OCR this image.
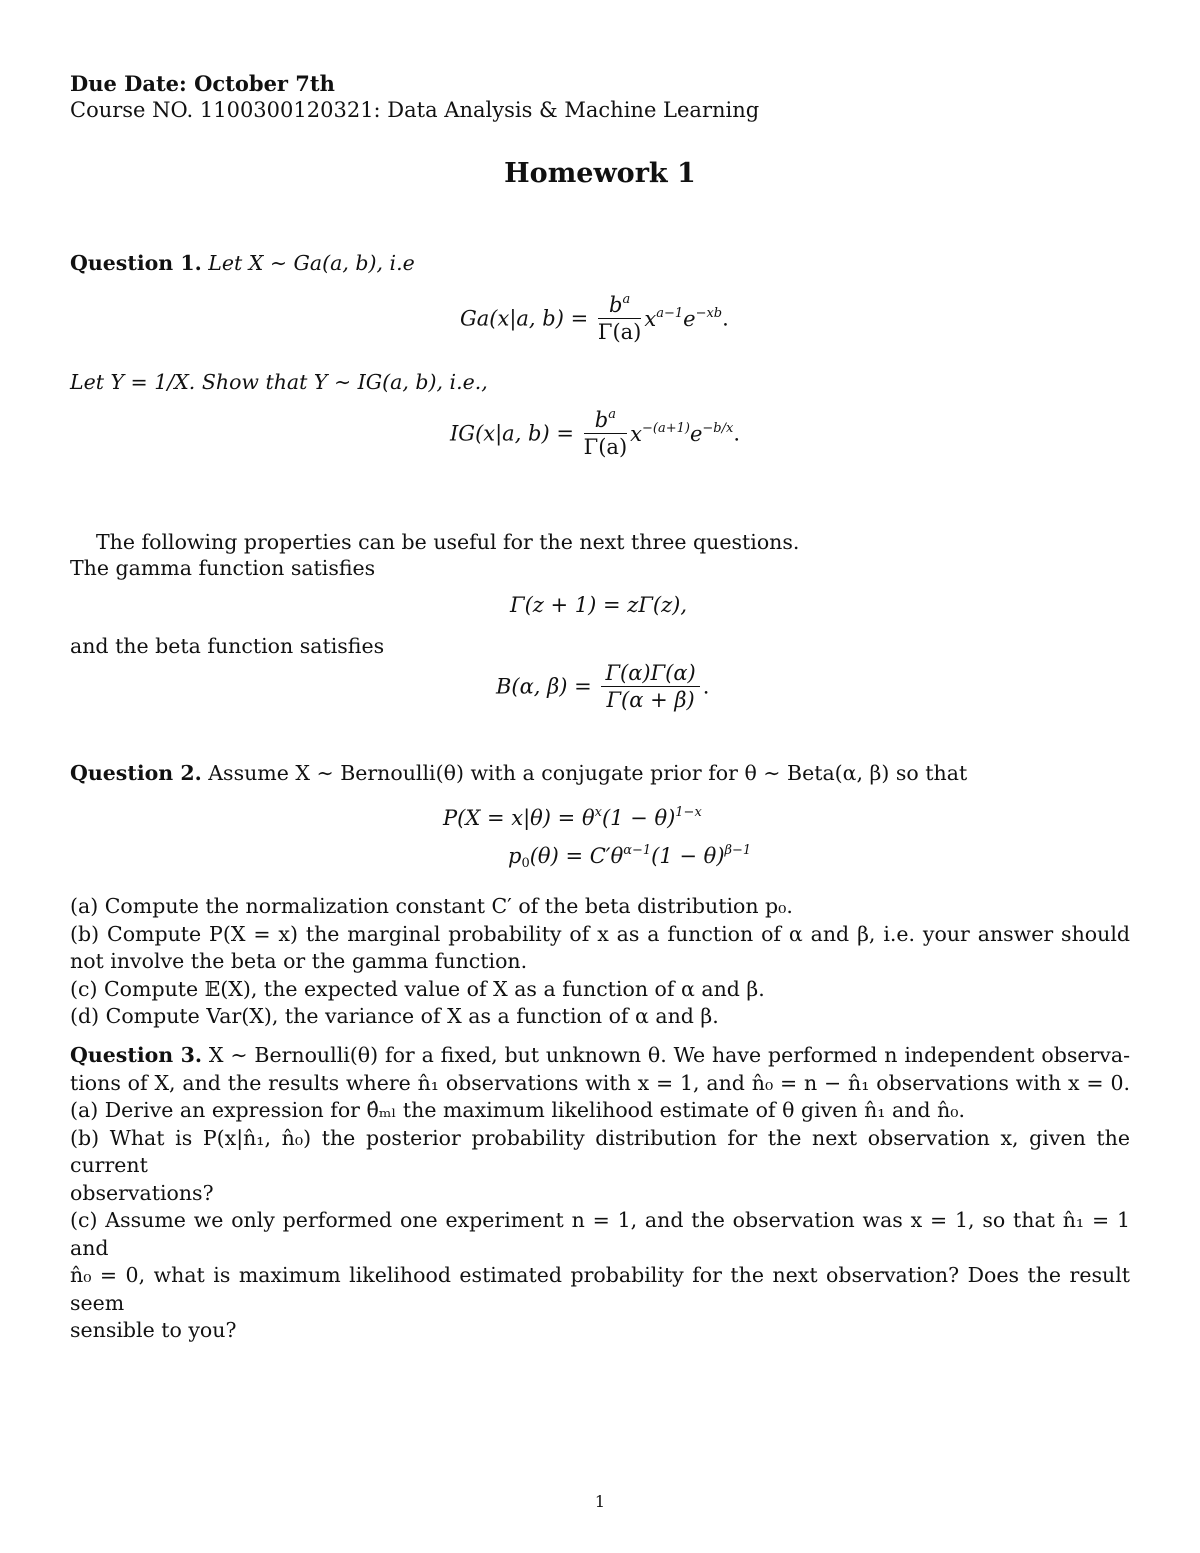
Due Date: October 7th
Course NO. 1100300120321: Data Analysis & Machine Learning
Homework 1
Question 1. Let X ∼ Ga(a, b), i.e
Ga(x|a, $b) = \frac{b^a}{\Gamma(a)} x^{a-1}e^{-xb}$.
Let Y = 1/X. Show that Y ∼ IG(a, b), i.e.,
IG(x|a, $b) = \frac{b^a}{\Gamma(a)} x^{-(a+1)}e^{-b/x}$.
The following properties can be useful for the next three questions.
The gamma function satisfies
Γ(z + 1) = zΓ(z),
and the beta function satisfies
B(α, $\beta) = \frac{\Gamma(\alpha)\Gamma(\alpha)}{\Gamma(\alpha + \beta)}$ .
Question 2. Assume X ∼ Bernoulli(θ) with a conjugate prior for θ ∼ Beta(α, β) so that
$P(X = x|\theta) = \theta^x(1 - \theta)^{1-x}$
$p_0(\theta) = C'\theta^{\alpha-1}(1 - \theta)^{\beta-1}$
(a) Compute the normalization constant C′ of the beta distribution p₀.
(b) Compute P(X = x) the marginal probability of x as a function of α and β, i.e. your answer should
not involve the beta or the gamma function.
(c) Compute 𝔼(X), the expected value of X as a function of α and β.
(d) Compute Var(X), the variance of X as a function of α and β.
Question 3. X ∼ Bernoulli(θ) for a fixed, but unknown θ. We have performed n independent observa-
tions of X, and the results where n̂₁ observations with x = 1, and n̂₀ = n − n̂₁ observations with x = 0.
(a) Derive an expression for θ̂ₘₗ the maximum likelihood estimate of θ given n̂₁ and n̂₀.
(b) What is P(x|n̂₁, n̂₀) the posterior probability distribution for the next observation x, given the current
observations?
(c) Assume we only performed one experiment n = 1, and the observation was x = 1, so that n̂₁ = 1 and
n̂₀ = 0, what is maximum likelihood estimated probability for the next observation? Does the result seem
sensible to you?
1
